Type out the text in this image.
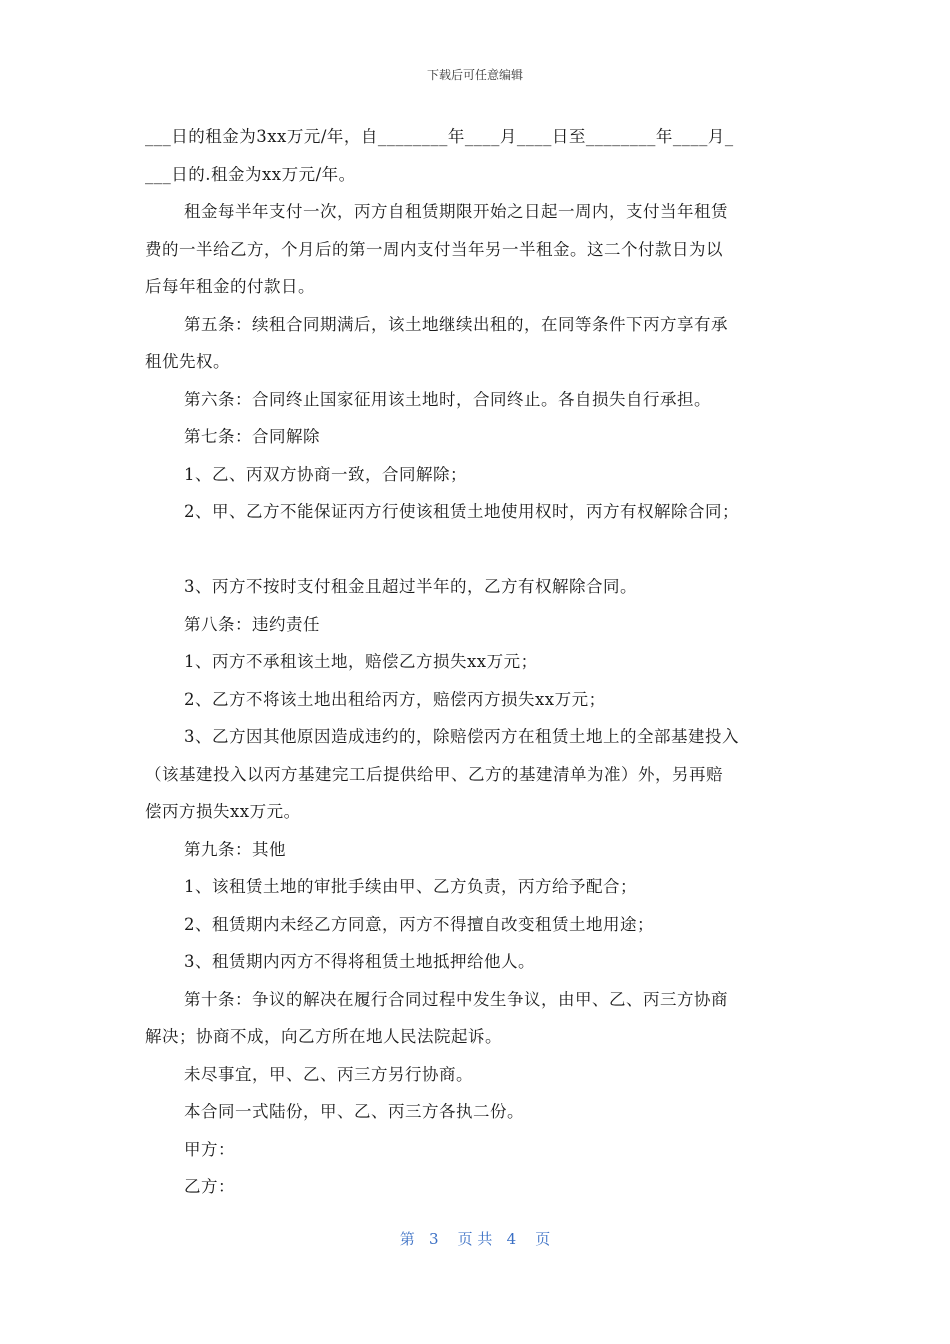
下载后可任意编辑
___日的租金为3xx万元/年，自________年____月____日至________年____月_
___日的.租金为xx万元/年。
租金每半年支付一次，丙方自租赁期限开始之日起一周内，支付当年租赁
费的一半给乙方，个月后的第一周内支付当年另一半租金。这二个付款日为以
后每年租金的付款日。
第五条：续租合同期满后，该土地继续出租的，在同等条件下丙方享有承
租优先权。
第六条：合同终止国家征用该土地时，合同终止。各自损失自行承担。
第七条：合同解除
1、乙、丙双方协商一致，合同解除；
2、甲、乙方不能保证丙方行使该租赁土地使用权时，丙方有权解除合同；
3、丙方不按时支付租金且超过半年的，乙方有权解除合同。
第八条：违约责任
1、丙方不承租该土地，赔偿乙方损失xx万元；
2、乙方不将该土地出租给丙方，赔偿丙方损失xx万元；
3、乙方因其他原因造成违约的，除赔偿丙方在租赁土地上的全部基建投入
（该基建投入以丙方基建完工后提供给甲、乙方的基建清单为准）外，另再赔
偿丙方损失xx万元。
第九条：其他
1、该租赁土地的审批手续由甲、乙方负责，丙方给予配合；
2、租赁期内未经乙方同意，丙方不得擅自改变租赁土地用途；
3、租赁期内丙方不得将租赁土地抵押给他人。
第十条：争议的解决在履行合同过程中发生争议，由甲、乙、丙三方协商
解决；协商不成，向乙方所在地人民法院起诉。
未尽事宜，甲、乙、丙三方另行协商。
本合同一式陆份，甲、乙、丙三方各执二份。
甲方：
乙方：
第   3    页 共   4    页
